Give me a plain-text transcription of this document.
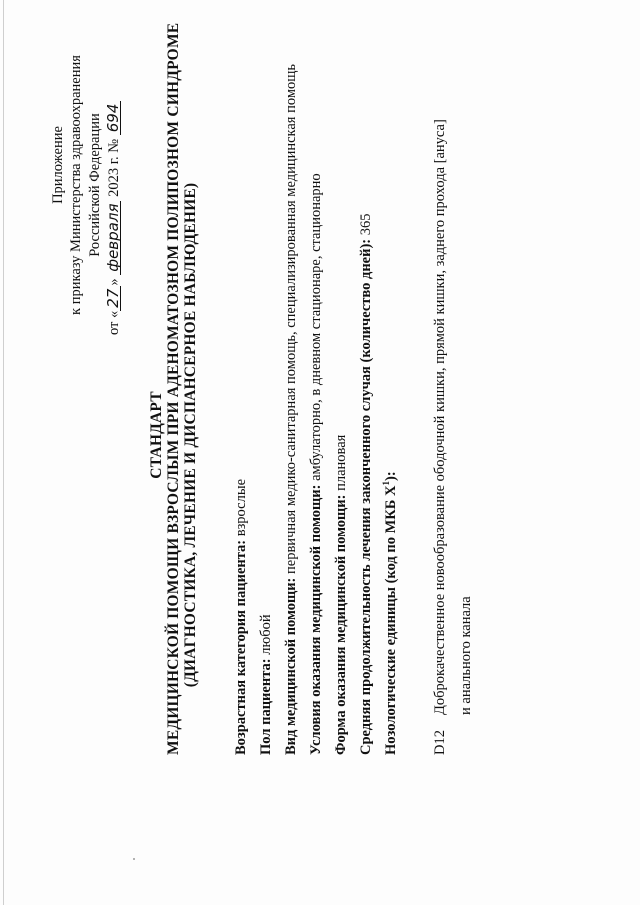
Приложение к приказу Министерства здравоохранения Российской Федерации
от «27» февраля 2023 г. № 694
СТАНДАРТ МЕДИЦИНСКОЙ ПОМОЩИ ВЗРОСЛЫМ ПРИ АДЕНОМАТОЗНОМ ПОЛИПОЗНОМ СИНДРОМЕ (ДИАГНОСТИКА, ЛЕЧЕНИЕ И ДИСПАНСЕРНОЕ НАБЛЮДЕНИЕ) Возрастная категория пациента: взрослые
Пол пациента: любой Вид медицинской помощи: первичная медико-санитарная помощь, специализированная медицинская помощь
Условия оказания медицинской помощи: амбулаторно, в дневном стационаре, стационарно
Форма оказания медицинской помощи: плановая Средняя продолжительность лечения законченного случая (количество дней): 365
Нозологические единицы (код по МКБ $X^1$):
D12
Доброкачественное новообразование ободочной кишки, прямой кишки, заднего прохода [ануса] и анального канала
